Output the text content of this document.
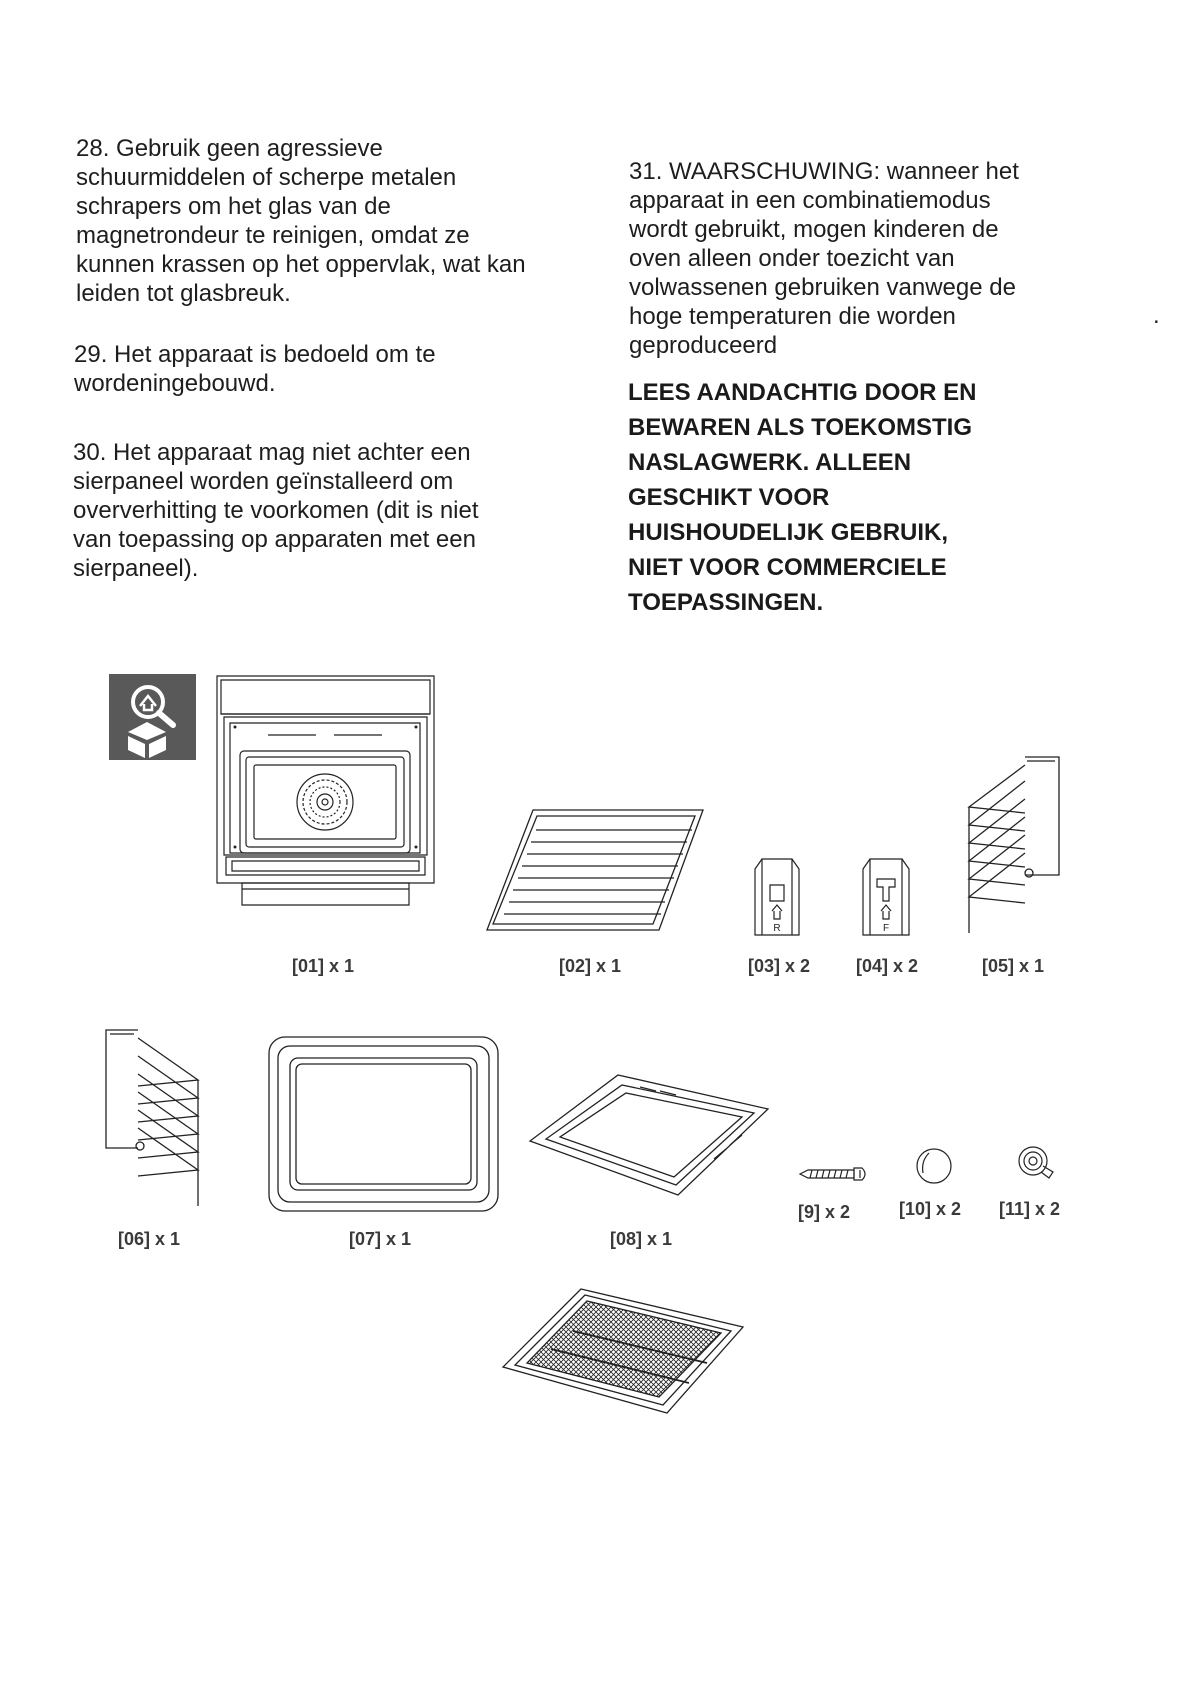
28. Gebruik geen agressieve
schuurmiddelen of scherpe metalen
schrapers om het glas van de
magnetrondeur te reinigen, omdat ze
kunnen krassen op het oppervlak, wat kan
leiden tot glasbreuk.

29. Het apparaat is bedoeld om te
wordeningebouwd.

30. Het apparaat mag niet achter een
sierpaneel worden geïnstalleerd om
oververhitting te voorkomen (dit is niet
van toepassing op apparaten met een
sierpaneel).

31. WAARSCHUWING: wanneer het
apparaat in een combinatiemodus
wordt gebruikt, mogen kinderen de
oven alleen onder toezicht van
volwassenen gebruiken vanwege de
hoge temperaturen die worden
geproduceerd

LEES AANDACHTIG DOOR EN
BEWAREN ALS TOEKOMSTIG
NASLAGWERK. ALLEEN
GESCHIKT VOOR
HUISHOUDELIJK GEBRUIK,
NIET VOOR COMMERCIELE
TOEPASSINGEN.

.
[01] x 1	[02] x 1
R
[03] x 2
F
[04] x 2	[05] x 1
[06] x 1	[07] x 1	[08] x 1
[9] x 2	[10] x 2 [11] x 2
